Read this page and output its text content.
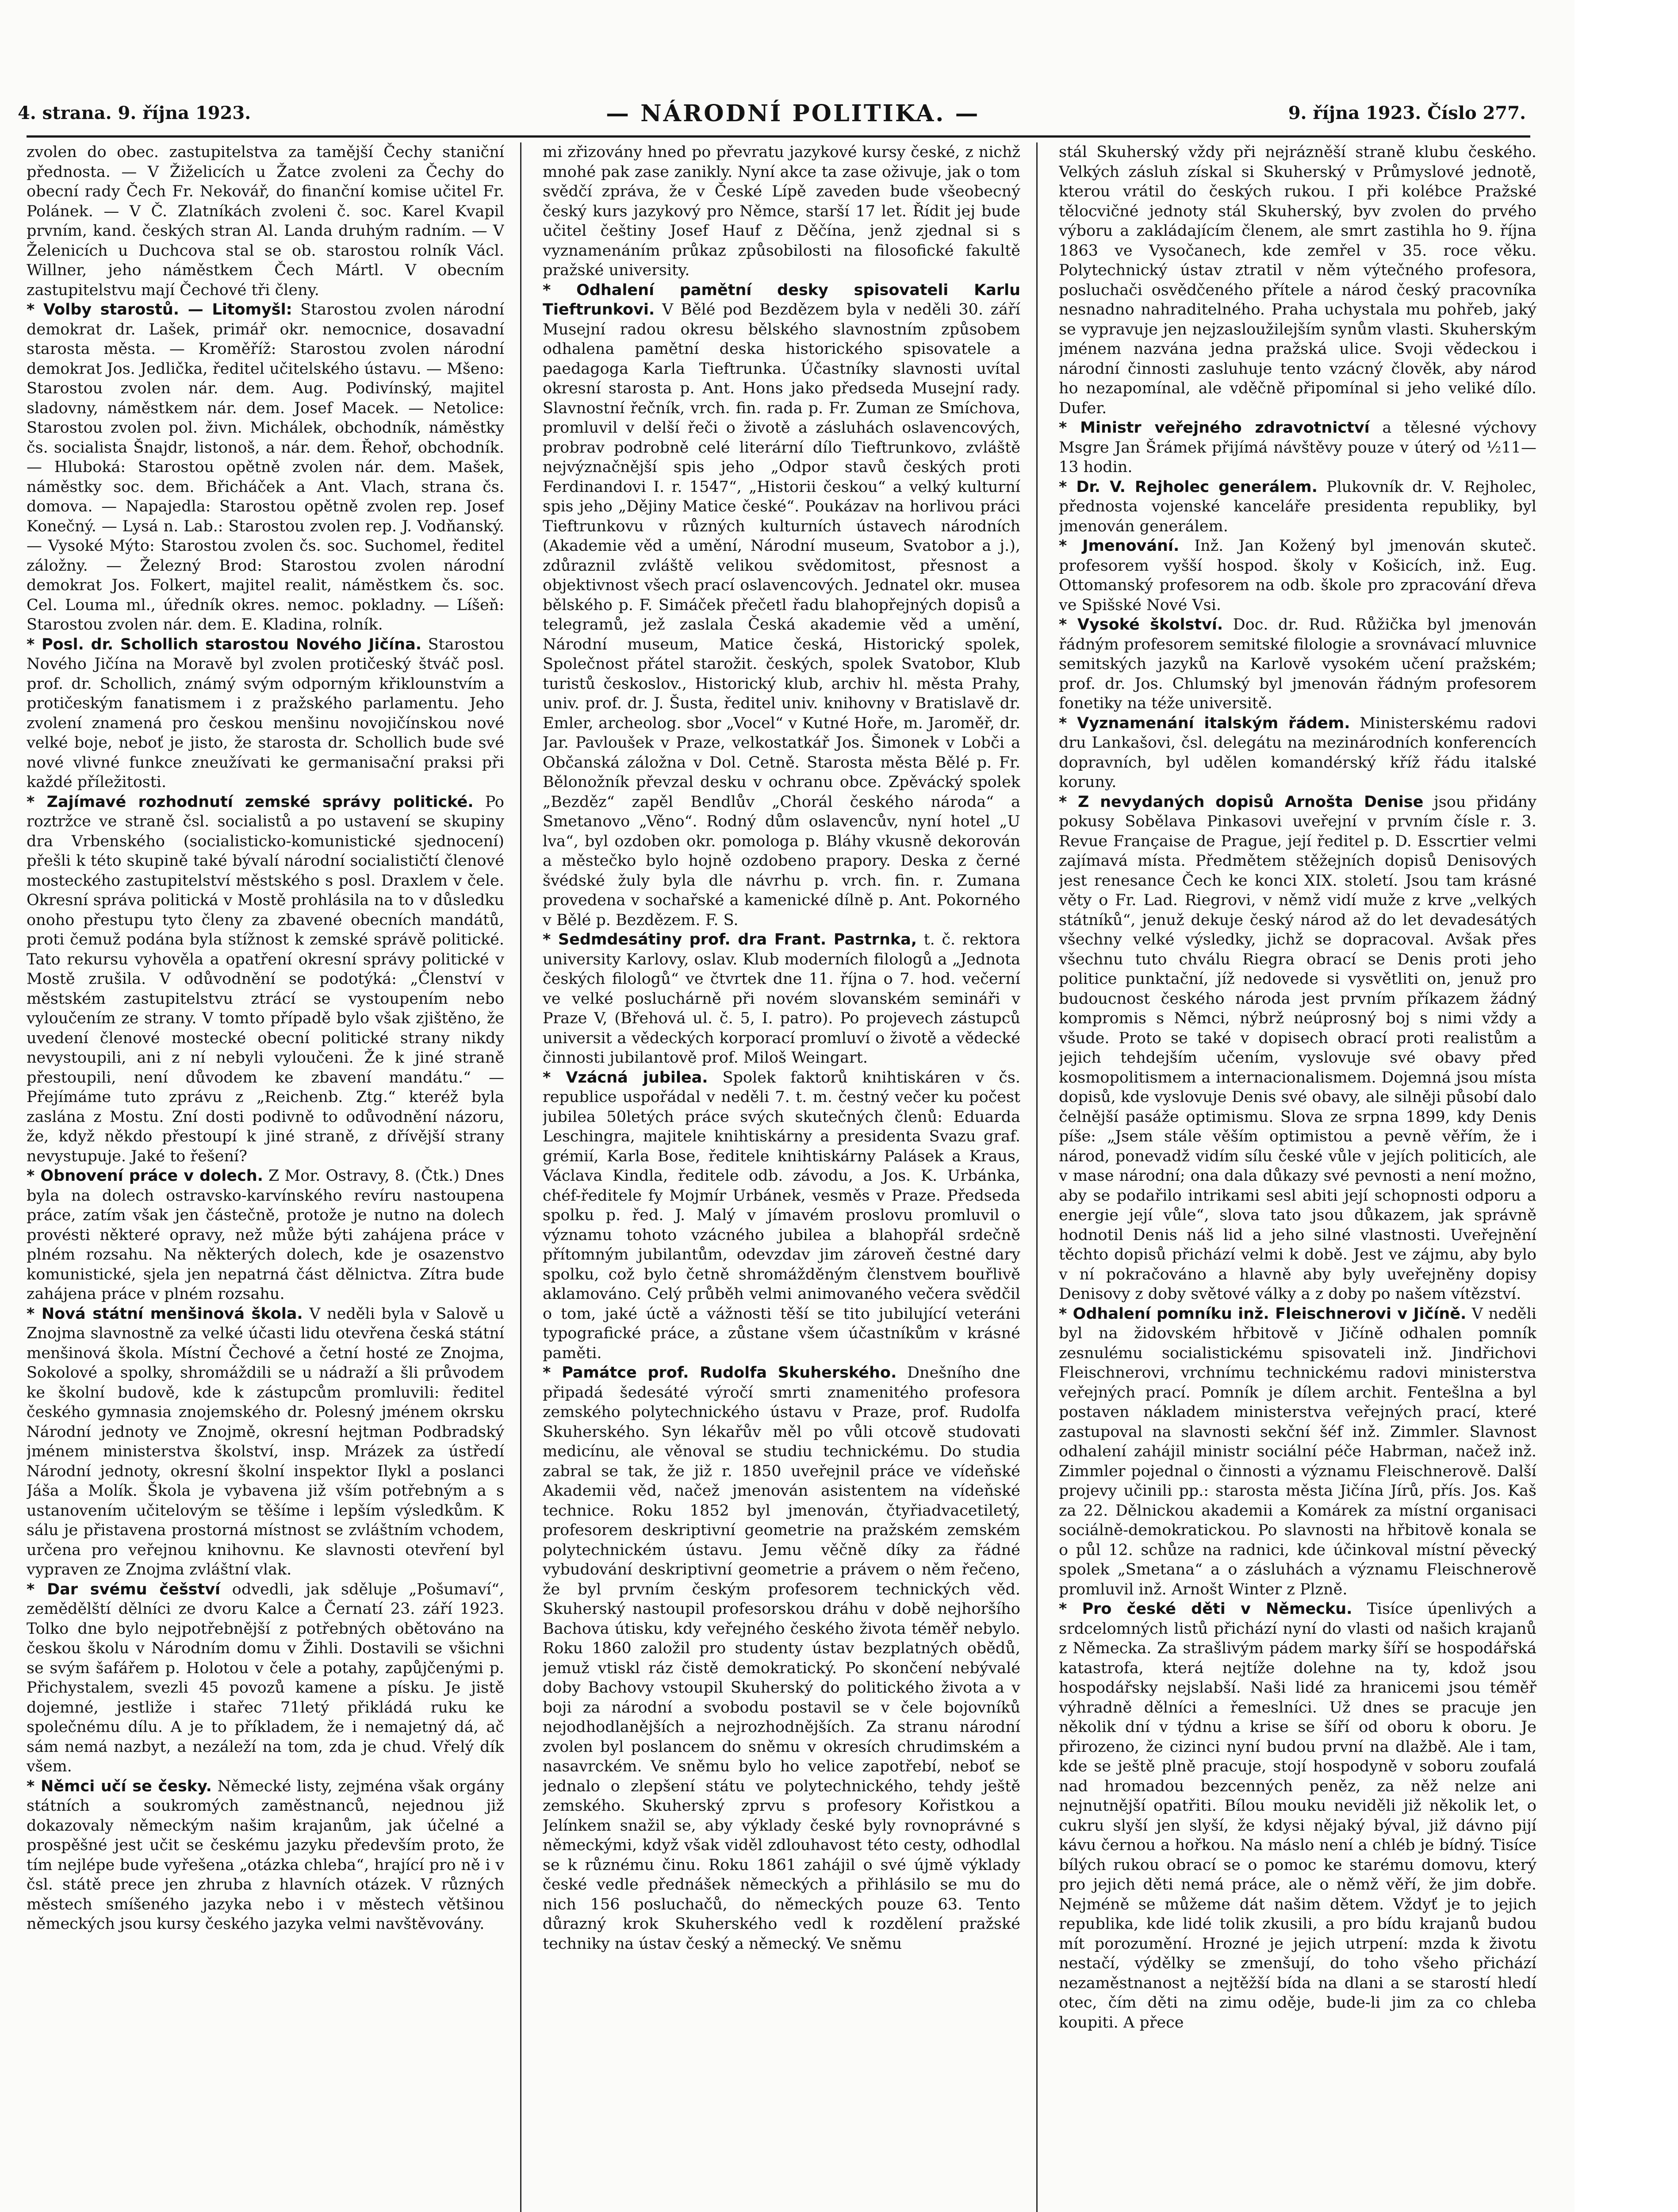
4. strana. 9. října 1923.	— NÁRODNÍ POLITIKA. —	9. října 1923. Číslo 277.

zvolen do obec. zastupitelstva za tamější Čechy staniční přednosta. — V Žiželicích u Žatce zvoleni za Čechy do obecní rady Čech Fr. Nekovář, do finanční komise učitel Fr. Polánek. — V Č. Zlatníkách zvoleni č. soc. Karel Kvapil prvním, kand. českých stran Al. Landa druhým radním. — V Želenicích u Duchcova stal se ob. starostou rolník Václ. Willner, jeho náměstkem Čech Mártl. V obecním zastupitelstvu mají Čechové tři členy.

* Volby starostů. — Litomyšl: Starostou zvolen národní demokrat dr. Lašek, primář okr. nemocnice, dosavadní starosta města. — Kroměříž: Starostou zvolen národní demokrat Jos. Jedlička, ředitel učitelského ústavu. — Mšeno: Starostou zvolen nár. dem. Aug. Podivínský, majitel sladovny, náměstkem nár. dem. Josef Macek. — Netolice: Starostou zvolen pol. živn. Michálek, obchodník, náměstky čs. socialista Šnajdr, listonoš, a nár. dem. Řehoř, obchodník. — Hluboká: Starostou opětně zvolen nár. dem. Mašek, náměstky soc. dem. Břicháček a Ant. Vlach, strana čs. domova. — Napajedla: Starostou opětně zvolen rep. Josef Konečný. — Lysá n. Lab.: Starostou zvolen rep. J. Vodňanský. — Vysoké Mýto: Starostou zvolen čs. soc. Suchomel, ředitel záložny. — Železný Brod: Starostou zvolen národní demokrat Jos. Folkert, majitel realit, náměstkem čs. soc. Cel. Louma ml., úředník okres. nemoc. pokladny. — Líšeň: Starostou zvolen nár. dem. E. Kladina, rolník.

* Posl. dr. Schollich starostou Nového Jičína. Starostou Nového Jičína na Moravě byl zvolen protičeský štváč posl. prof. dr. Schollich, známý svým odporným křiklounstvím a protičeským fanatismem i z pražského parlamentu. Jeho zvolení znamená pro českou menšinu novojičínskou nové velké boje, neboť je jisto, že starosta dr. Schollich bude své nové vlivné funkce zneužívati ke germanisační praksi při každé příležitosti.

* Zajímavé rozhodnutí zemské správy politické. Po roztržce ve straně čsl. socialistů a po ustavení se skupiny dra Vrbenského (socialisticko-komunistické sjednocení) přešli k této skupině také bývalí národní socialističtí členové mosteckého zastupitelství městského s posl. Draxlem v čele. Okresní správa politická v Mostě prohlásila na to v důsledku onoho přestupu tyto členy za zbavené obecních mandátů, proti čemuž podána byla stížnost k zemské správě politické. Tato rekursu vyhověla a opatření okresní správy politické v Mostě zrušila. V odůvodnění se podotýká: „Členství v městském zastupitelstvu ztrácí se vystoupením nebo vyloučením ze strany. V tomto případě bylo však zjištěno, že uvedení členové mostecké obecní politické strany nikdy nevystoupili, ani z ní nebyli vyloučeni. Že k jiné straně přestoupili, není důvodem ke zbavení mandátu.“ — Přejímáme tuto zprávu z „Reichenb. Ztg.“ kteréž byla zaslána z Mostu. Zní dosti podivně to odůvodnění názoru, že, když někdo přestoupí k jiné straně, z dřívější strany nevystupuje. Jaké to řešení?

* Obnovení práce v dolech. Z Mor. Ostravy, 8. (Čtk.) Dnes byla na dolech ostravsko-karvínského revíru nastoupena práce, zatím však jen částečně, protože je nutno na dolech provésti některé opravy, než může býti zahájena práce v plném rozsahu. Na některých dolech, kde je osazenstvo komunistické, sjela jen nepatrná část dělnictva. Zítra bude zahájena práce v plném rozsahu.

* Nová státní menšinová škola. V neděli byla v Salově u Znojma slavnostně za velké účasti lidu otevřena česká státní menšinová škola. Místní Čechové a četní hosté ze Znojma, Sokolové a spolky, shromáždili se u nádraží a šli průvodem ke školní budově, kde k zástupcům promluvili: ředitel českého gymnasia znojemského dr. Polesný jménem okrsku Národní jednoty ve Znojmě, okresní hejtman Podbradský jménem ministerstva školství, insp. Mrázek za ústředí Národní jednoty, okresní školní inspektor Ilykl a poslanci Jáša a Molík. Škola je vybavena již vším potřebným a s ustanovením učitelovým se těšíme i lepším výsledkům. K sálu je přistavena prostorná místnost se zvláštním vchodem, určena pro veřejnou knihovnu. Ke slavnosti otevření byl vypraven ze Znojma zvláštní vlak.

* Dar svému češství odvedli, jak sděluje „Pošumaví“, zemědělští dělníci ze dvoru Kalce a Černatí 23. září 1923. Tolko dne bylo nejpotřebnější z potřebných obětováno na českou školu v Národním domu v Žihli. Dostavili se všichni se svým šafářem p. Holotou v čele a potahy, zapůjčenými p. Přichystalem, svezli 45 povozů kamene a písku. Je jistě dojemné, jestliže i stařec 71letý přikládá ruku ke společnému dílu. A je to příkladem, že i nemajetný dá, ač sám nemá nazbyt, a nezáleží na tom, zda je chud. Vřelý dík všem.

* Němci učí se česky. Německé listy, zejména však orgány státních a soukromých zaměstnanců, nejednou již dokazovaly německým našim krajanům, jak účelné a prospěšné jest učit se českému jazyku především proto, že tím nejlépe bude vyřešena „otázka chleba“, hrající pro ně i v čsl. státě prece jen zhruba z hlavních otázek. V různých městech smíšeného jazyka nebo i v městech většinou německých jsou kursy českého jazyka velmi navštěvovány.

mi zřizovány hned po převratu jazykové kursy české, z nichž mnohé pak zase zanikly. Nyní akce ta zase oživuje, jak o tom svědčí zpráva, že v České Lípě zaveden bude všeobecný český kurs jazykový pro Němce, starší 17 let. Řídit jej bude učitel češtiny Josef Hauf z Děčína, jenž zjednal si s vyznamenáním průkaz způsobilosti na filosofické fakultě pražské university.

* Odhalení pamětní desky spisovateli Karlu Tieftrunkovi. V Bělé pod Bezdězem byla v neděli 30. září Musejní radou okresu bělského slavnostním způsobem odhalena pamětní deska historického spisovatele a paedagoga Karla Tieftrunka. Účastníky slavnosti uvítal okresní starosta p. Ant. Hons jako předseda Musejní rady. Slavnostní řečník, vrch. fin. rada p. Fr. Zuman ze Smíchova, promluvil v delší řeči o životě a zásluhách oslavencových, probrav podrobně celé literární dílo Tieftrunkovo, zvláště nejvýznačnější spis jeho „Odpor stavů českých proti Ferdinandovi I. r. 1547“, „Historii českou“ a velký kulturní spis jeho „Dějiny Matice české“. Poukázav na horlivou práci Tieftrunkovu v různých kulturních ústavech národních (Akademie věd a umění, Národní museum, Svatobor a j.), zdůraznil zvláště velikou svědomitost, přesnost a objektivnost všech prací oslavencových. Jednatel okr. musea bělského p. F. Simáček přečetl řadu blahopřejných dopisů a telegramů, jež zaslala Česká akademie věd a umění, Národní museum, Matice česká, Historický spolek, Společnost přátel starožit. českých, spolek Svatobor, Klub turistů českoslov., Historický klub, archiv hl. města Prahy, univ. prof. dr. J. Šusta, ředitel univ. knihovny v Bratislavě dr. Emler, archeolog. sbor „Vocel“ v Kutné Hoře, m. Jaroměř, dr. Jar. Pavloušek v Praze, velkostatkář Jos. Šimonek v Lobči a Občanská záložna v Dol. Cetně. Starosta města Bělé p. Fr. Bělonožník převzal desku v ochranu obce. Zpěvácký spolek „Bezděz“ zapěl Bendlův „Chorál českého národa“ a Smetanovo „Věno“. Rodný dům oslavencův, nyní hotel „U lva“, byl ozdoben okr. pomologa p. Bláhy vkusně dekorován a městečko bylo hojně ozdobeno prapory. Deska z černé švédské žuly byla dle návrhu p. vrch. fin. r. Zumana provedena v sochařské a kamenické dílně p. Ant. Pokorného v Bělé p. Bezdězem. F. S.

* Sedmdesátiny prof. dra Frant. Pastrnka, t. č. rektora university Karlovy, oslav. Klub moderních filologů a „Jednota českých filologů“ ve čtvrtek dne 11. října o 7. hod. večerní ve velké posluchárně při novém slovanském semináři v Praze V, (Břehová ul. č. 5, I. patro). Po projevech zástupců universit a vědeckých korporací promluví o životě a vědecké činnosti jubilantově prof. Miloš Weingart.

* Vzácná jubilea. Spolek faktorů knihtiskáren v čs. republice uspořádal v neděli 7. t. m. čestný večer ku počest jubilea 50letých práce svých skutečných členů: Eduarda Leschingra, majitele knihtiskárny a presidenta Svazu graf. grémií, Karla Bose, ředitele knihtiskárny Palásek a Kraus, Václava Kindla, ředitele odb. závodu, a Jos. K. Urbánka, chéf-ředitele fy Mojmír Urbánek, vesměs v Praze. Předseda spolku p. řed. J. Malý v jímavém proslovu promluvil o významu tohoto vzácného jubilea a blahopřál srdečně přítomným jubilantům, odevzdav jim zároveň čestné dary spolku, což bylo četně shromážděným členstvem bouřlivě aklamováno. Celý průběh velmi animovaného večera svědčil o tom, jaké úctě a vážnosti těší se tito jubilující veteráni typografické práce, a zůstane všem účastníkům v krásné paměti.

* Památce prof. Rudolfa Skuherského. Dnešního dne připadá šedesáté výročí smrti znamenitého profesora zemského polytechnického ústavu v Praze, prof. Rudolfa Skuherského. Syn lékařův měl po vůli otcově studovati medicínu, ale věnoval se studiu technickému. Do studia zabral se tak, že již r. 1850 uveřejnil práce ve vídeňské Akademii věd, načež jmenován asistentem na vídeňské technice. Roku 1852 byl jmenován, čtyřiadvacetiletý, profesorem deskriptivní geometrie na pražském zemském polytechnickém ústavu. Jemu věčně díky za řádné vybudování deskriptivní geometrie a právem o něm řečeno, že byl prvním českým profesorem technických věd. Skuherský nastoupil profesorskou dráhu v době nejhoršího Bachova útisku, kdy veřejného českého života téměř nebylo. Roku 1860 založil pro studenty ústav bezplatných obědů, jemuž vtiskl ráz čistě demokratický. Po skončení nebývalé doby Bachovy vstoupil Skuherský do politického života a v boji za národní a svobodu postavil se v čele bojovníků nejodhodlanějších a nejrozhodnějších. Za stranu národní zvolen byl poslancem do sněmu v okresích chrudimském a nasavrckém. Ve sněmu bylo ho velice zapotřebí, neboť se jednalo o zlepšení státu ve polytechnického, tehdy ještě zemského. Skuherský zprvu s profesory Kořistkou a Jelínkem snažil se, aby výklady české byly rovnoprávné s německými, když však viděl zdlouhavost této cesty, odhodlal se k různému činu. Roku 1861 zahájil o své újmě výklady české vedle přednášek německých a přihlásilo se mu do nich 156 posluchačů, do německých pouze 63. Tento důrazný krok Skuherského vedl k rozdělení pražské techniky na ústav český a německý. Ve sněmu

stál Skuherský vždy při nejrázněší straně klubu českého. Velkých zásluh získal si Skuherský v Průmyslové jednotě, kterou vrátil do českých rukou. I při kolébce Pražské tělocvičné jednoty stál Skuherský, byv zvolen do prvého výboru a zakládajícím členem, ale smrt zastihla ho 9. října 1863 ve Vysočanech, kde zemřel v 35. roce věku. Polytechnický ústav ztratil v něm výtečného profesora, posluchači osvědčeného přítele a národ český pracovníka nesnadno nahraditelného. Praha uchystala mu pohřeb, jaký se vypravuje jen nejzasloužilejším synům vlasti. Skuherským jménem nazvána jedna pražská ulice. Svoji vědeckou i národní činnosti zasluhuje tento vzácný člověk, aby národ ho nezapomínal, ale vděčně připomínal si jeho veliké dílo. Dufer.

* Ministr veřejného zdravotnictví a tělesné výchovy Msgre Jan Šrámek přijímá návštěvy pouze v úterý od ½11—13 hodin.

* Dr. V. Rejholec generálem. Plukovník dr. V. Rejholec, přednosta vojenské kanceláře presidenta republiky, byl jmenován generálem.

* Jmenování. Inž. Jan Kožený byl jmenován skuteč. profesorem vyšší hospod. školy v Košicích, inž. Eug. Ottomanský profesorem na odb. škole pro zpracování dřeva ve Spišské Nové Vsi.

* Vysoké školství. Doc. dr. Rud. Růžička byl jmenován řádným profesorem semitské filologie a srovnávací mluvnice semitských jazyků na Karlově vysokém učení pražském; prof. dr. Jos. Chlumský byl jmenován řádným profesorem fonetiky na téže universitě.

* Vyznamenání italským řádem. Ministerskému radovi dru Lankašovi, čsl. delegátu na mezinárodních konferencích dopravních, byl udělen komandérský kříž řádu italské koruny.

* Z nevydaných dopisů Arnošta Denise jsou přidány pokusy Sobělava Pinkasovi uveřejní v prvním čísle r. 3. Revue Française de Prague, její ředitel p. D. Esscrtier velmi zajímavá místa. Předmětem stěžejních dopisů Denisových jest renesance Čech ke konci XIX. století. Jsou tam krásné věty o Fr. Lad. Riegrovi, v němž vidí muže z krve „velkých státníků“, jenuž dekuje český národ až do let devadesátých všechny velké výsledky, jichž se dopracoval. Avšak přes všechnu tuto chválu Riegra obrací se Denis proti jeho politice punktační, jíž nedovede si vysvětliti on, jenuž pro budoucnost českého národa jest prvním příkazem žádný kompromis s Němci, nýbrž neúprosný boj s nimi vždy a všude. Proto se také v dopisech obrací proti realistům a jejich tehdejším učením, vyslovuje své obavy před kosmopolitismem a internacionalismem. Dojemná jsou místa dopisů, kde vyslovuje Denis své obavy, ale silněji působí dalo čelnější pasáže optimismu. Slova ze srpna 1899, kdy Denis píše: „Jsem stále věším optimistou a pevně věřím, že i národ, ponevadž vidím sílu české vůle v jejích politicích, ale v mase národní; ona dala důkazy své pevnosti a není možno, aby se podařilo intrikami sesl abiti její schopnosti odporu a energie její vůle“, slova tato jsou důkazem, jak správně hodnotil Denis náš lid a jeho silné vlastnosti. Uveřejnění těchto dopisů přichází velmi k době. Jest ve zájmu, aby bylo v ní pokračováno a hlavně aby byly uveřejněny dopisy Denisovy z doby světové války a z doby po našem vítězství.

* Odhalení pomníku inž. Fleischnerovi v Jičíně. V neděli byl na židovském hřbitově v Jičíně odhalen pomník zesnulému socialistickému spisovateli inž. Jindřichovi Fleischnerovi, vrchnímu technickému radovi ministerstva veřejných prací. Pomník je dílem archit. Fentešlna a byl postaven nákladem ministerstva veřejných prací, které zastupoval na slavnosti sekční šéf inž. Zimmler. Slavnost odhalení zahájil ministr sociální péče Habrman, načež inž. Zimmler pojednal o činnosti a významu Fleischnerově. Další projevy učinili pp.: starosta města Jičína Jírů, přís. Jos. Kaš za 22. Dělnickou akademii a Komárek za místní organisaci sociálně-demokratickou. Po slavnosti na hřbitově konala se o půl 12. schůze na radnici, kde účinkoval místní pěvecký spolek „Smetana“ a o zásluhách a významu Fleischnerově promluvil inž. Arnošt Winter z Plzně.

* Pro české děti v Německu. Tisíce úpenlivých a srdcelomných listů přichází nyní do vlasti od našich krajanů z Německa. Za strašlivým pádem marky šíří se hospodářská katastrofa, která nejtíže dolehne na ty, kdož jsou hospodářsky nejslabší. Naši lidé za hranicemi jsou téměř výhradně dělníci a řemeslníci. Už dnes se pracuje jen několik dní v týdnu a krise se šíří od oboru k oboru. Je přirozeno, že cizinci nyní budou první na dlažbě. Ale i tam, kde se ještě plně pracuje, stojí hospodyně v soboru zoufalá nad hromadou bezcenných peněz, za něž nelze ani nejnutnější opatřiti. Bílou mouku neviděli již několik let, o cukru slyší jen slyší, že kdysi nějaký býval, již dávno pijí kávu černou a hořkou. Na máslo není a chléb je bídný. Tisíce bílých rukou obrací se o pomoc ke starému domovu, který pro jejich děti nemá práce, ale o němž věří, že jim dobře. Nejméně se můžeme dát našim dětem. Vždyť je to jejich republika, kde lidé tolik zkusili, a pro bídu krajanů budou mít porozumění. Hrozné je jejich utrpení: mzda k životu nestačí, výdělky se zmenšují, do toho všeho přichází nezaměstnanost a nejtěžší bída na dlani a se starostí hledí otec, čím děti na zimu oděje, bude-li jim za co chleba koupiti. A přece
